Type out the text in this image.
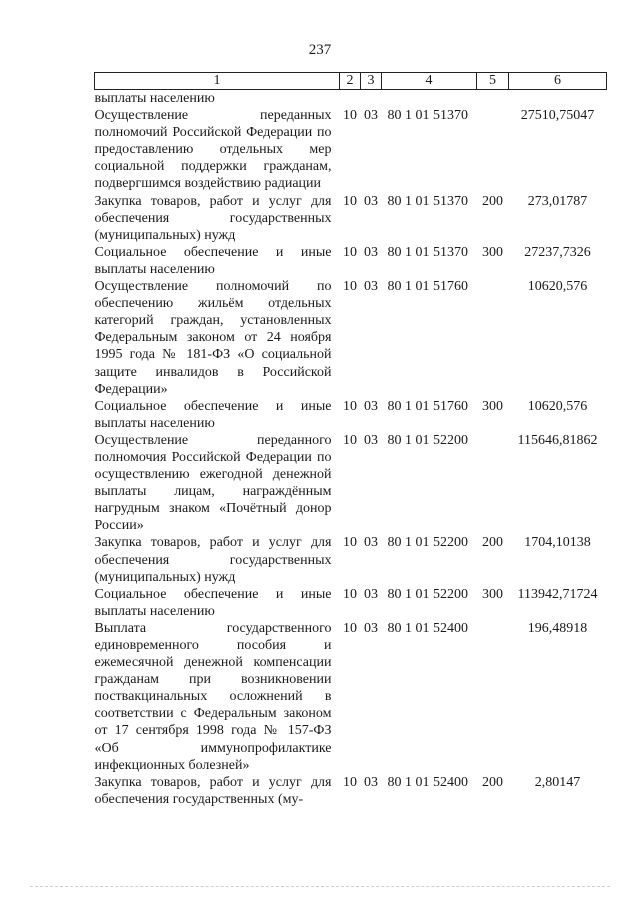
237
1	2	3	4	5	6
выплаты населению					
Осуществление переданных полномочий Российской Федерации по предоставлению отдельных мер социальной поддержки гражданам, подвергшимся воздействию радиации	10	03	80 1 01 51370		27510,75047
Закупка товаров, работ и услуг для обеспечения государственных (муниципальных) нужд	10	03	80 1 01 51370	200	273,01787
Социальное обеспечение и иные выплаты населению	10	03	80 1 01 51370	300	27237,7326
Осуществление полномочий по обеспечению жильём отдельных категорий граждан, установленных Федеральным законом от 24 ноября 1995 года № 181-ФЗ «О социальной защите инвалидов в Российской Федерации»	10	03	80 1 01 51760		10620,576
Социальное обеспечение и иные выплаты населению	10	03	80 1 01 51760	300	10620,576
Осуществление переданного полномочия Российской Федерации по осуществлению ежегодной денежной выплаты лицам, награждённым нагрудным знаком «Почётный донор России»	10	03	80 1 01 52200		115646,81862
Закупка товаров, работ и услуг для обеспечения государственных (муниципальных) нужд	10	03	80 1 01 52200	200	1704,10138
Социальное обеспечение и иные выплаты населению	10	03	80 1 01 52200	300	113942,71724
Выплата государственного единовременного пособия и ежемесячной денежной компенсации гражданам при возникновении поствакцинальных осложнений в соответствии с Федеральным законом от 17 сентября 1998 года № 157-ФЗ «Об иммунопрофилактике инфекционных болезней»	10	03	80 1 01 52400		196,48918
Закупка товаров, работ и услуг для обеспечения государственных (му-	10	03	80 1 01 52400	200	2,80147
